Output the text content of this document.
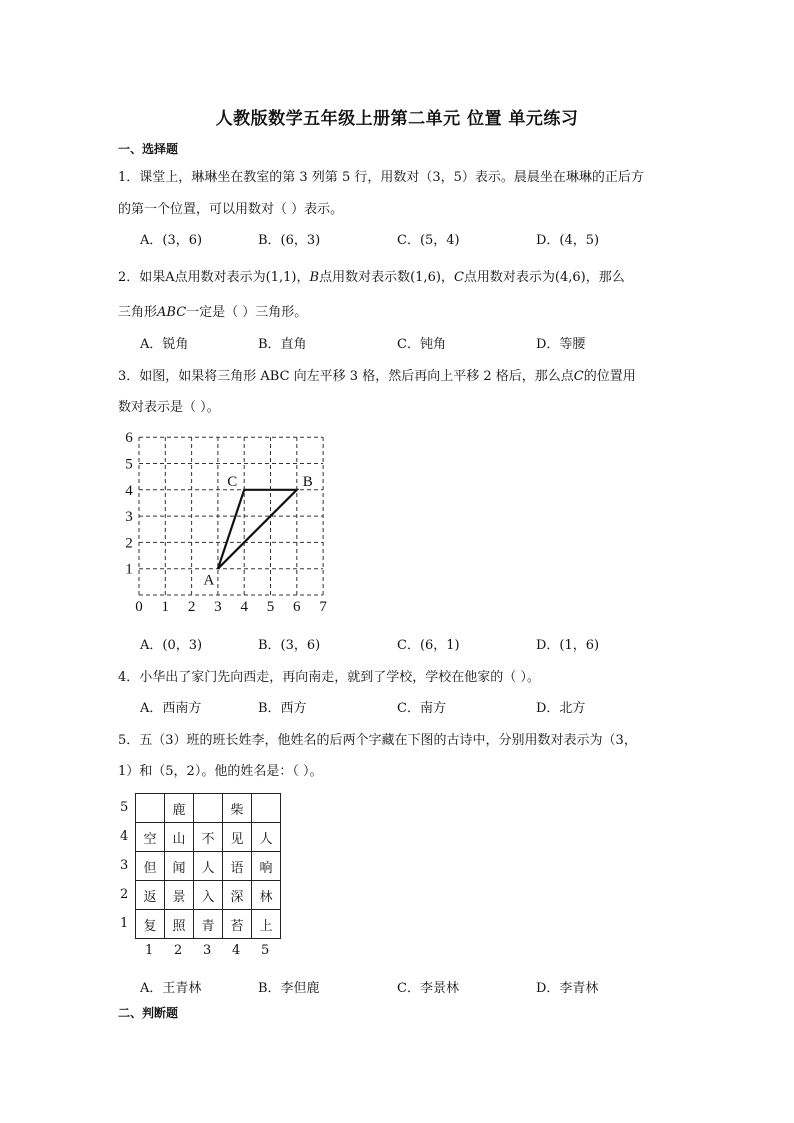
人教版数学五年级上册第二单元 位置 单元练习
一、选择题
1．课堂上，琳琳坐在教室的第 3 列第 5 行，用数对（3，5）表示。晨晨坐在琳琳的正后方
的第一个位置，可以用数对（ ）表示。
A．(3，6)	B．(6，3)	C．(5，4)	D．(4，5)
2．如果A点用数对表示为(1,1)，B点用数对表示数(1,6)，C点用数对表示为(4,6)，那么
三角形ABC一定是（ ）三角形。
A．锐角	B．直角	C．钝角	D．等腰
3．如图，如果将三角形 ABC 向左平移 3 格，然后再向上平移 2 格后，那么点C的位置用
数对表示是（ ）。
0 1 2 3 4 5 6 7
1
2
3
4
5
6
A
B
C
A．(0，3)	B．(3，6)	C．(6，1)	D．(1，6)
4．小华出了家门先向西走，再向南走，就到了学校，学校在他家的（ ）。
A．西南方	B．西方	C．南方	D．北方
5．五（3）班的班长姓李，他姓名的后两个字藏在下图的古诗中，分别用数对表示为（3，
1）和（5，2）。他的姓名是：（ ）。
5
4
3
2
1
	鹿		柴	
空	山	不	见	人
但	闻	人	语	响
返	景	入	深	林
复	照	青	苔	上
1 2 3 4 5
A．王青林	B．李但鹿	C．李景林	D．李青林
二、判断题
